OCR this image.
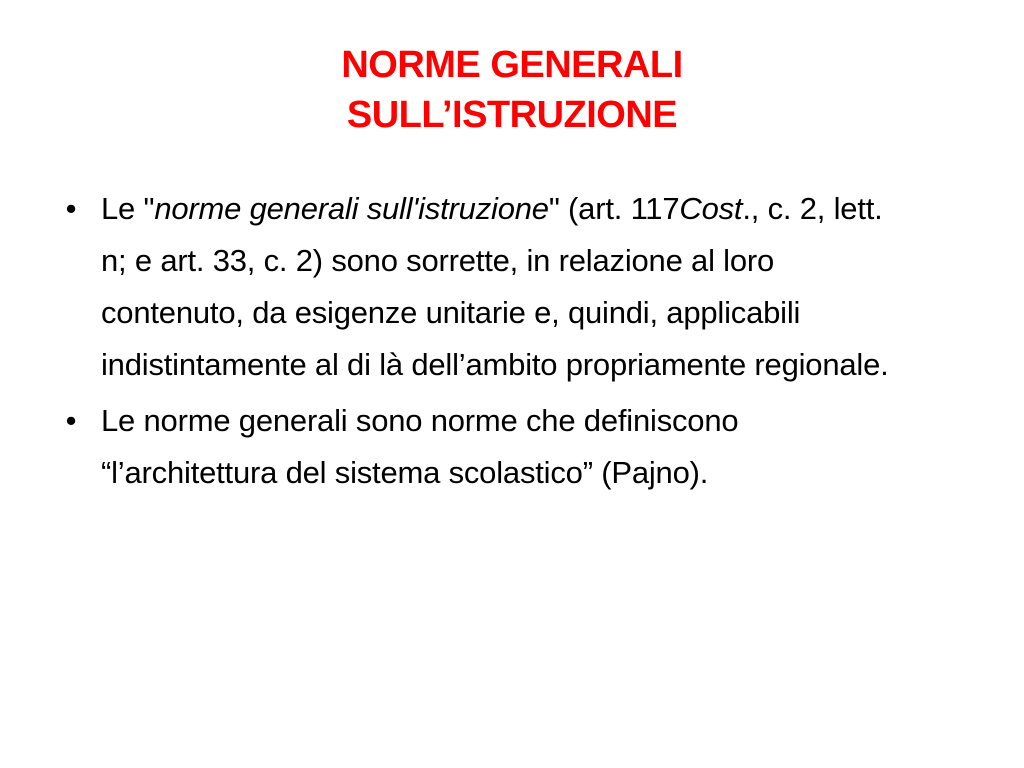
NORME GENERALI
SULL’ISTRUZIONE
• Le "norme generali sull'istruzione" (art. 117Cost., c. 2, lett. n; e art. 33, c. 2) sono sorrette, in relazione al loro contenuto, da esigenze unitarie e, quindi, applicabili indistintamente al di là dell’ambito propriamente regionale.
• Le norme generali sono norme che definiscono “l’architettura del sistema scolastico” (Pajno).
